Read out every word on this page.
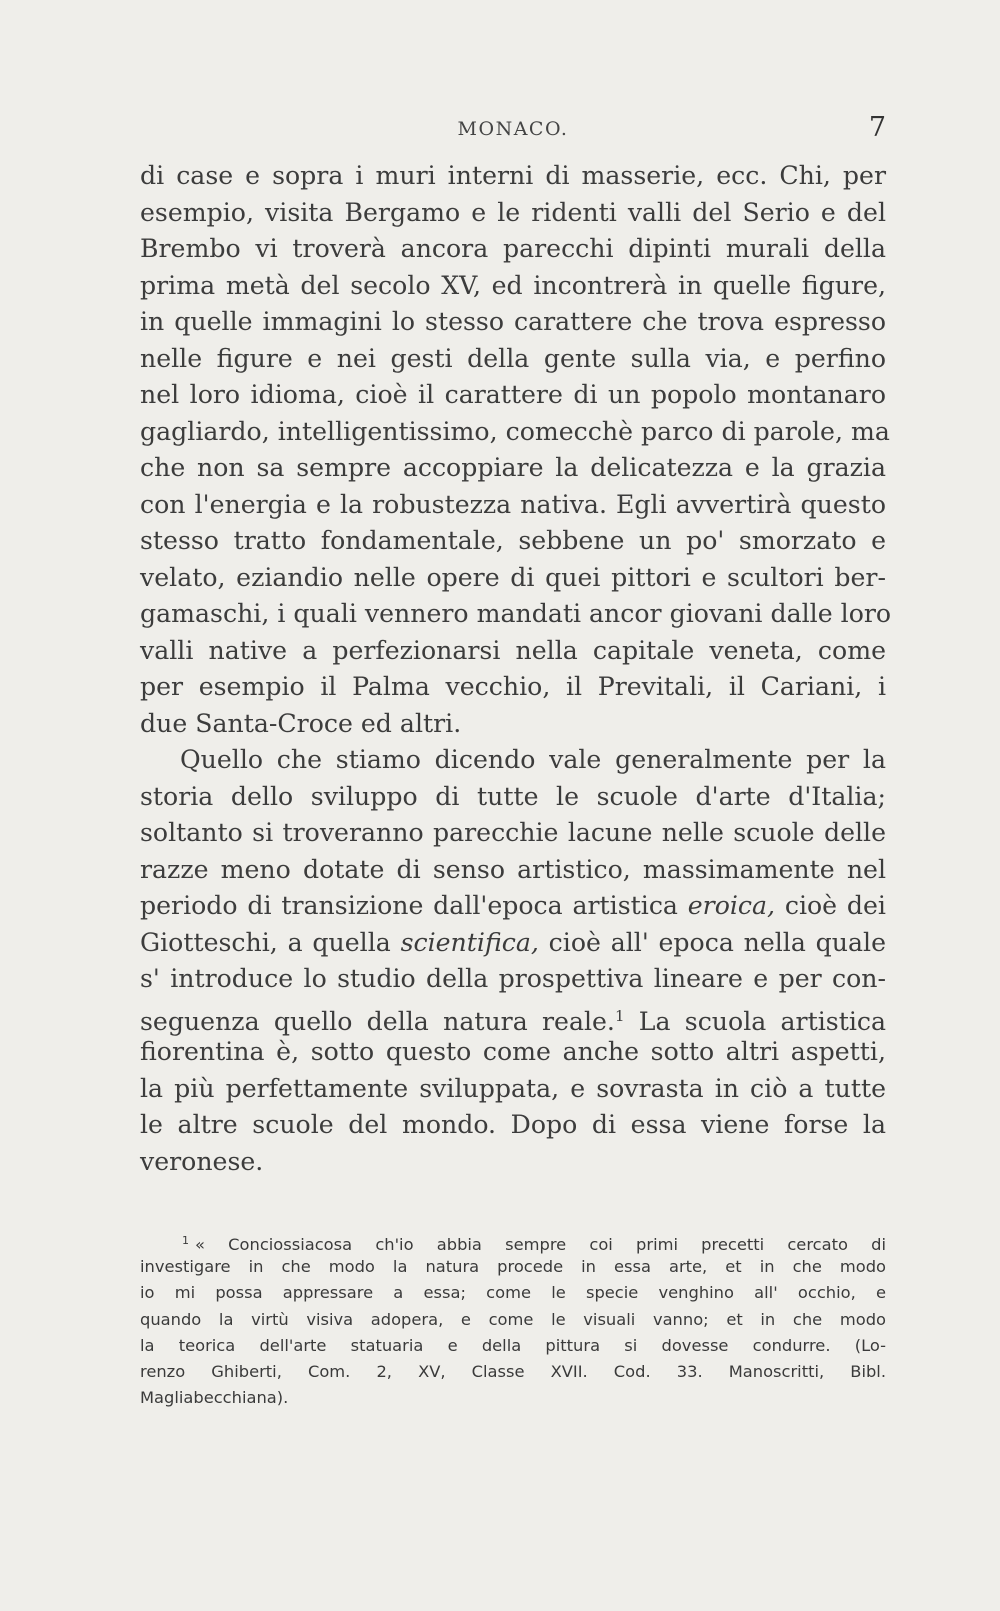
MONACO.	7
di case e sopra i muri interni di masserie, ecc. Chi, per
esempio, visita Bergamo e le ridenti valli del Serio e del
Brembo vi troverà ancora parecchi dipinti murali della
prima metà del secolo XV, ed incontrerà in quelle figure,
in quelle immagini lo stesso carattere che trova espresso
nelle figure e nei gesti della gente sulla via, e perfino
nel loro idioma, cioè il carattere di un popolo montanaro
gagliardo, intelligentissimo, comecchè parco di parole, ma
che non sa sempre accoppiare la delicatezza e la grazia
con l'energia e la robustezza nativa. Egli avvertirà questo
stesso tratto fondamentale, sebbene un po' smorzato e
velato, eziandio nelle opere di quei pittori e scultori ber-
gamaschi, i quali vennero mandati ancor giovani dalle loro
valli native a perfezionarsi nella capitale veneta, come
per esempio il Palma vecchio, il Previtali, il Cariani, i
due Santa-Croce ed altri.
Quello che stiamo dicendo vale generalmente per la
storia dello sviluppo di tutte le scuole d'arte d'Italia;
soltanto si troveranno parecchie lacune nelle scuole delle
razze meno dotate di senso artistico, massimamente nel
periodo di transizione dall'epoca artistica eroica, cioè dei
Giotteschi, a quella scientifica, cioè all' epoca nella quale
s' introduce lo studio della prospettiva lineare e per con-
seguenza quello della natura reale.$^1$ La scuola artistica
fiorentina è, sotto questo come anche sotto altri aspetti,
la più perfettamente sviluppata, e sovrasta in ciò a tutte
le altre scuole del mondo. Dopo di essa viene forse la
veronese.
$^1$ « Conciossiacosa ch'io abbia sempre coi primi precetti cercato di
investigare in che modo la natura procede in essa arte, et in che modo
io mi possa appressare a essa; come le specie venghino all' occhio, e
quando la virtù visiva adopera, e come le visuali vanno; et in che modo
la teorica dell'arte statuaria e della pittura si dovesse condurre. (Lo-
renzo Ghiberti, Com. 2, XV, Classe XVII. Cod. 33. Manoscritti, Bibl.
Magliabecchiana).
